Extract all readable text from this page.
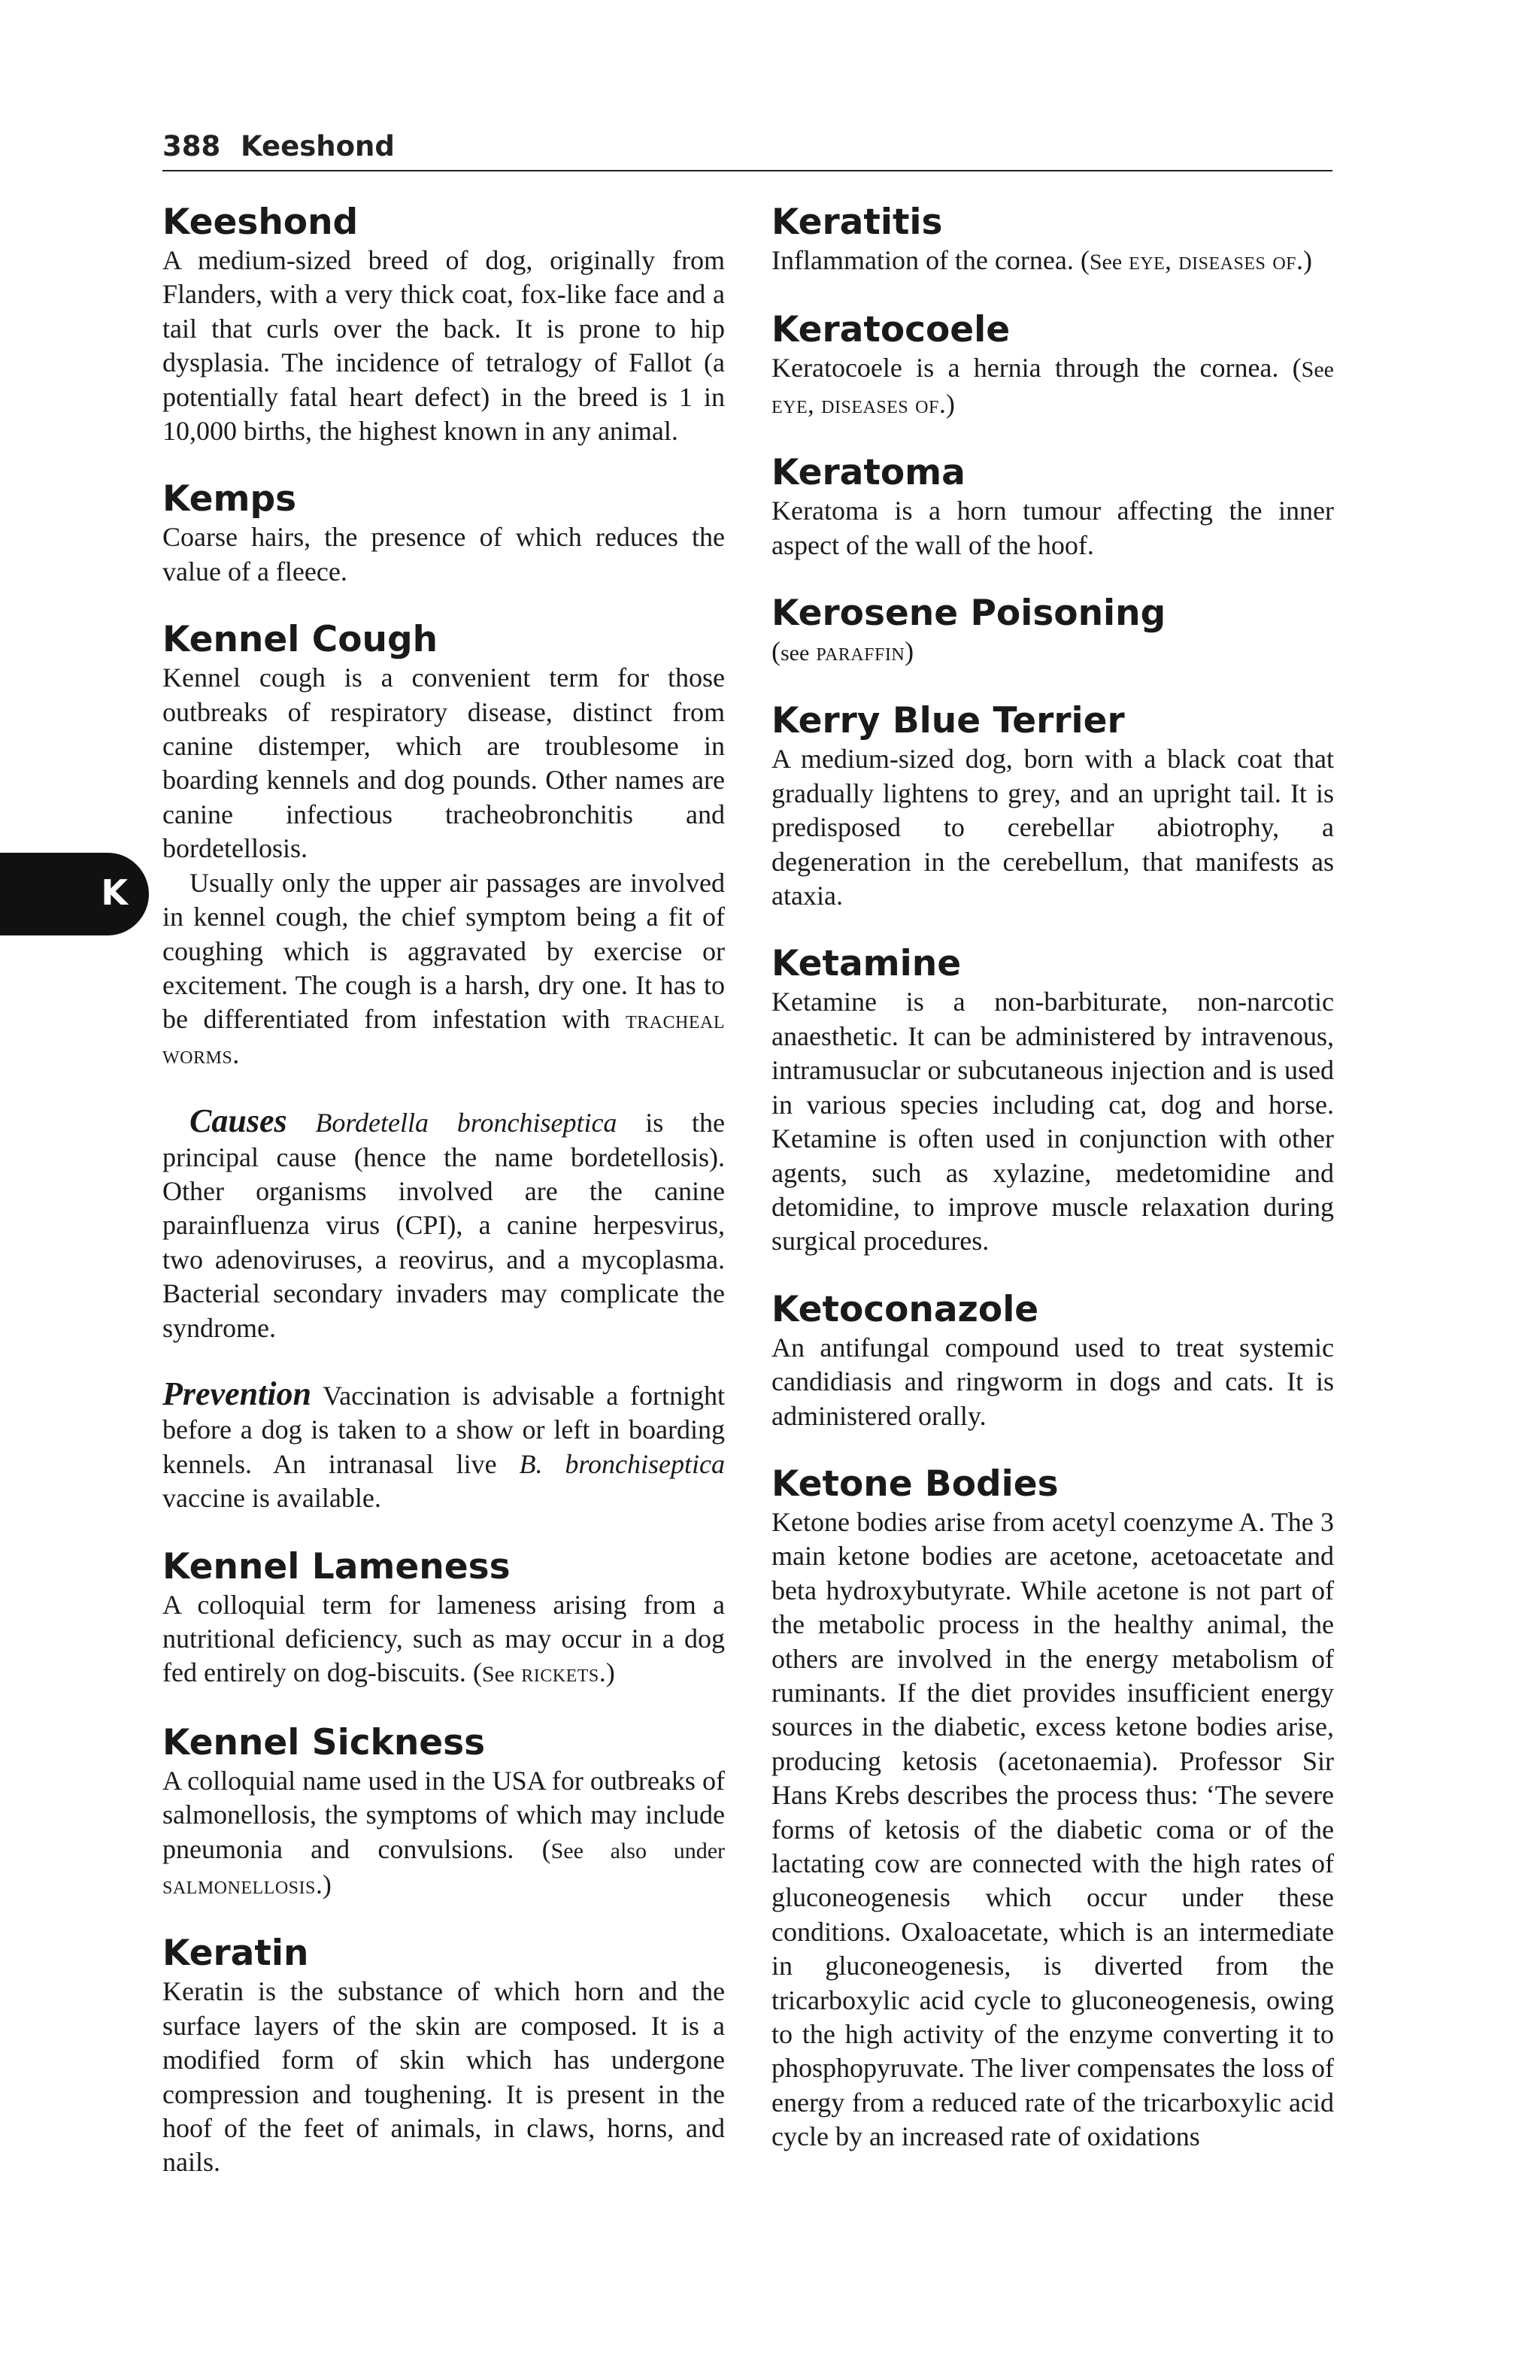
388 Keeshond
K
Keeshond

A medium-sized breed of dog, originally from Flanders, with a very thick coat, fox-like face and a tail that curls over the back. It is prone to hip dysplasia. The incidence of tetralogy of Fallot (a potentially fatal heart defect) in the breed is 1 in 10,000 births, the highest known in any animal.

Kemps

Coarse hairs, the presence of which reduces the value of a fleece.

Kennel Cough

Kennel cough is a convenient term for those outbreaks of respiratory disease, distinct from canine distemper, which are troublesome in boarding kennels and dog pounds. Other names are canine infectious tracheobronchitis and bordetellosis.

Usually only the upper air passages are involved in kennel cough, the chief symptom being a fit of coughing which is aggravated by exercise or excitement. The cough is a harsh, dry one. It has to be differentiated from infestation with tracheal worms.

Causes Bordetella bronchiseptica is the principal cause (hence the name bordetellosis). Other organisms involved are the canine parainfluenza virus (CPI), a canine herpesvirus, two adenoviruses, a reovirus, and a mycoplasma. Bacterial secondary invaders may complicate the syndrome.

Prevention Vaccination is advisable a fortnight before a dog is taken to a show or left in boarding kennels. An intranasal live B. bronchiseptica vaccine is available.

Kennel Lameness

A colloquial term for lameness arising from a nutritional deficiency, such as may occur in a dog fed entirely on dog-biscuits. (See rickets.)

Kennel Sickness

A colloquial name used in the USA for outbreaks of salmonellosis, the symptoms of which may include pneumonia and convulsions. (See also under salmonellosis.)

Keratin

Keratin is the substance of which horn and the surface layers of the skin are composed. It is a modified form of skin which has undergone compression and toughening. It is present in the hoof of the feet of animals, in claws, horns, and nails.

Keratitis

Inflammation of the cornea. (See eye, diseases of.)

Keratocoele

Keratocoele is a hernia through the cornea. (See eye, diseases of.)

Keratoma

Keratoma is a horn tumour affecting the inner aspect of the wall of the hoof.

Kerosene Poisoning

(see paraffin)

Kerry Blue Terrier

A medium-sized dog, born with a black coat that gradually lightens to grey, and an upright tail. It is predisposed to cerebellar abiotrophy, a degeneration in the cerebellum, that manifests as ataxia.

Ketamine

Ketamine is a non-barbiturate, non-narcotic anaesthetic. It can be administered by intravenous, intramusuclar or subcutaneous injection and is used in various species including cat, dog and horse. Ketamine is often used in conjunction with other agents, such as xylazine, medetomidine and detomidine, to improve muscle relaxation during surgical procedures.

Ketoconazole

An antifungal compound used to treat systemic candidiasis and ringworm in dogs and cats. It is administered orally.

Ketone Bodies

Ketone bodies arise from acetyl coenzyme A. The 3 main ketone bodies are acetone, acetoacetate and beta hydroxybutyrate. While acetone is not part of the metabolic process in the healthy animal, the others are involved in the energy metabolism of ruminants. If the diet provides insufficient energy sources in the diabetic, excess ketone bodies arise, producing ketosis (acetonaemia). Professor Sir Hans Krebs describes the process thus: ‘The severe forms of ketosis of the diabetic coma or of the lactating cow are connected with the high rates of gluconeogenesis which occur under these conditions. Oxaloacetate, which is an intermediate in gluconeogenesis, is diverted from the tricarboxylic acid cycle to gluconeogenesis, owing to the high activity of the enzyme converting it to phosphopyruvate. The liver compensates the loss of energy from a reduced rate of the tricarboxylic acid cycle by an increased rate of oxidations
